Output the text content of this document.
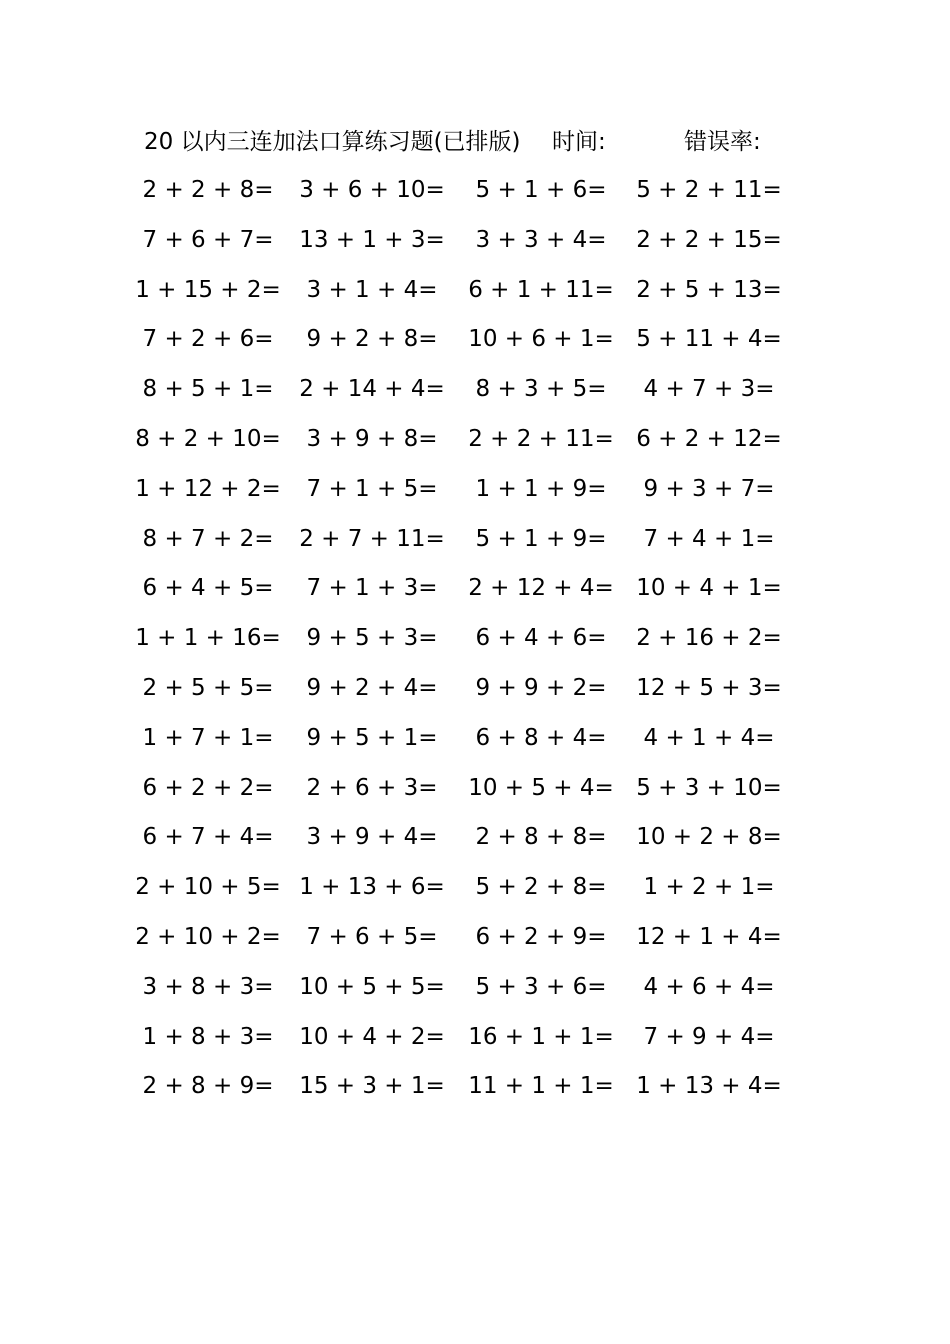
20 以内三连加法口算练习题(已排版) 时间:	错误率:
2 + 2 + 8=	3 + 6 + 10=	5 + 1 + 6=	5 + 2 + 11=
7 + 6 + 7=	13 + 1 + 3=	3 + 3 + 4=	2 + 2 + 15=
1 + 15 + 2=	3 + 1 + 4=	6 + 1 + 11= 2 + 5 + 13=
7 + 2 + 6=	9 + 2 + 8=	10 + 6 + 1= 5 + 11 + 4=
8 + 5 + 1=	2 + 14 + 4=	8 + 3 + 5=	4 + 7 + 3=
8 + 2 + 10=	3 + 9 + 8=	2 + 2 + 11= 6 + 2 + 12=
1 + 12 + 2=	7 + 1 + 5=	1 + 1 + 9=	9 + 3 + 7=
8 + 7 + 2=	2 + 7 + 11=	5 + 1 + 9=	7 + 4 + 1=
6 + 4 + 5=	7 + 1 + 3=	2 + 12 + 4= 10 + 4 + 1=
1 + 1 + 16=	9 + 5 + 3=	6 + 4 + 6=	2 + 16 + 2=
2 + 5 + 5=	9 + 2 + 4=	9 + 9 + 2=	12 + 5 + 3=
1 + 7 + 1=	9 + 5 + 1=	6 + 8 + 4=	4 + 1 + 4=
6 + 2 + 2=	2 + 6 + 3=	10 + 5 + 4= 5 + 3 + 10=
6 + 7 + 4=	3 + 9 + 4=	2 + 8 + 8=	10 + 2 + 8=
2 + 10 + 5= 1 + 13 + 6=	5 + 2 + 8=	1 + 2 + 1=
2 + 10 + 2=	7 + 6 + 5=	6 + 2 + 9=	12 + 1 + 4=
3 + 8 + 3=	10 + 5 + 5=	5 + 3 + 6=	4 + 6 + 4=
1 + 8 + 3=	10 + 4 + 2= 16 + 1 + 1=	7 + 9 + 4=
2 + 8 + 9=	15 + 3 + 1= 11 + 1 + 1= 1 + 13 + 4=
